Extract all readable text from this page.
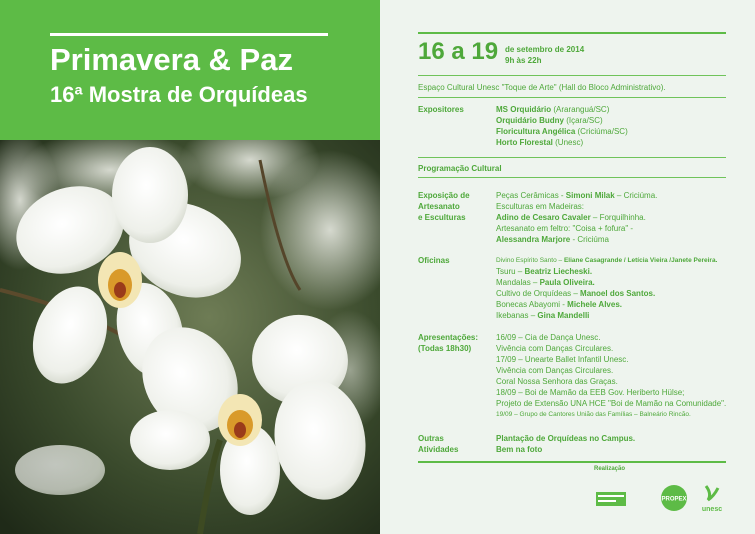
Primavera & Paz
16ª Mostra de Orquídeas
16 a 19 de setembro de 2014
9h às 22h
Espaço Cultural Unesc "Toque de Arte" (Hall do Bloco Administrativo).
Expositores	MS Orquidário (Araranguá/SC)
Orquidário Budny (Içara/SC)
Floricultura Angélica (Criciúma/SC)
Horto Florestal (Unesc)
Programação Cultural
Exposição de
Artesanato
e Esculturas
Peças Cerâmicas - Simoni Milak – Criciúma.
Esculturas em Madeiras:
Adino de Cesaro Cavaler – Forquilhinha.
Artesanato em feltro: "Coisa + fofura" -
Alessandra Marjore - Criciúma
Oficinas	Divino Espírito Santo – Eliane Casagrande / Letícia Vieira /Janete Pereira.
Tsuru – Beatriz Liecheski.
Mandalas – Paula Oliveira.
Cultivo de Orquídeas – Manoel dos Santos.
Bonecas Abayomi - Michele Alves.
Ikebanas – Gina Mandelli
Apresentações:
(Todas 18h30)
16/09 – Cia de Dança Unesc.
Vivência com Danças Circulares.
17/09 – Unearte Ballet Infantil Unesc.
Vivência com Danças Circulares.
Coral Nossa Senhora das Graças.
18/09 – Boi de Mamão da EEB Gov. Heriberto Hülse;
Projeto de Extensão UNA HCE "Boi de Mamão na Comunidade".
19/09 – Grupo de Cantores União das Famílias – Balneário Rincão.
Outras
Atividades
Plantação de Orquídeas no Campus.
Bem na foto
Realização
PROPEX
unesc
